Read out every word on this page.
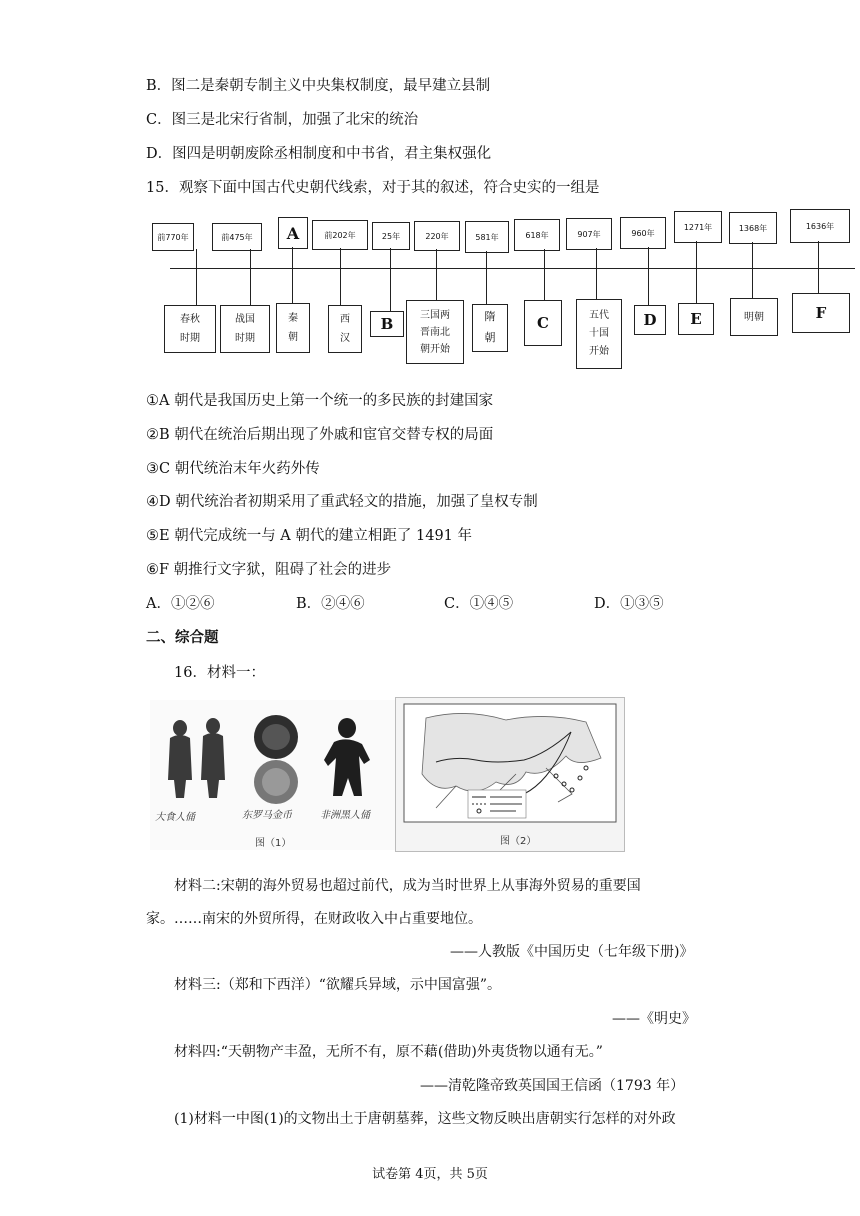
B．图二是秦朝专制主义中央集权制度，最早建立县制
C．图三是北宋行省制，加强了北宋的统治
D．图四是明朝废除丞相制度和中书省，君主集权强化
15．观察下面中国古代史朝代线索，对于其的叙述，符合史实的一组是
前770年	前475年	A	前202年	25年	220年	581年	618年	907年	960年
1271年	1368年	1636年
春秋
时期
战国
时期
秦
朝
西
汉
B	三国两
晋南北
朝开始
隋
朝
C	五代
十国
开始
D	E	明朝	F
①A 朝代是我国历史上第一个统一的多民族的封建国家
②B 朝代在统治后期出现了外戚和宦官交替专权的局面
③C 朝代统治末年火药外传
④D 朝代统治者初期采用了重武轻文的措施，加强了皇权专制
⑤E 朝代完成统一与 A 朝代的建立相距了 1491 年
⑥F 朝推行文字狱，阻碍了社会的进步
A．①②⑥	B．②④⑥	C．①④⑤	D．①③⑤
二、综合题
16．材料一：
大食人俑	东罗马金币	非洲黑人俑
图（1）	图（2）
材料二:宋朝的海外贸易也超过前代，成为当时世界上从事海外贸易的重要国
家。……南宋的外贸所得，在财政收入中占重要地位。
——人教版《中国历史（七年级下册)》
材料三:（郑和下西洋）“欲耀兵异域，示中国富强”。
——《明史》
材料四:“天朝物产丰盈，无所不有，原不藉(借助)外夷货物以通有无。”
——清乾隆帝致英国国王信函（1793 年）
(1)材料一中图(1)的文物出土于唐朝墓葬，这些文物反映出唐朝实行怎样的对外政
试卷第 4页，共 5页
